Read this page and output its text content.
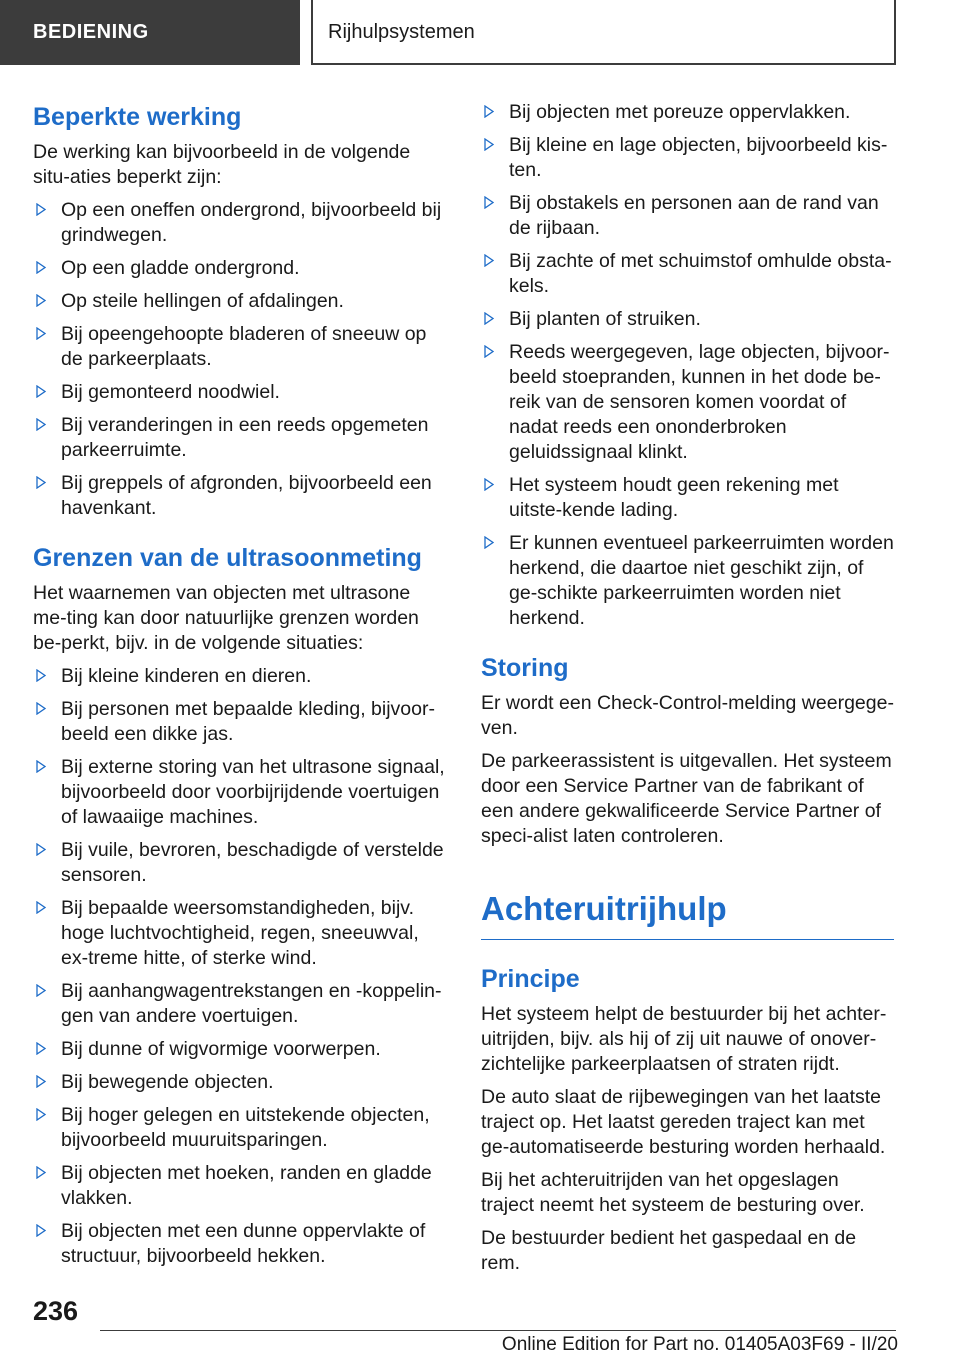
BEDIENING	Rijhulpsystemen
Beperkte werking

De werking kan bijvoorbeeld in de volgende situ-aties beperkt zijn:

Op een oneffen ondergrond, bijvoorbeeld bij grindwegen.
Op een gladde ondergrond.
Op steile hellingen of afdalingen.
Bij opeengehoopte bladeren of sneeuw op de parkeerplaats.
Bij gemonteerd noodwiel.
Bij veranderingen in een reeds opgemeten parkeerruimte.
Bij greppels of afgronden, bijvoorbeeld een havenkant.
Grenzen van de ultrasoonmeting

Het waarnemen van objecten met ultrasone me-ting kan door natuurlijke grenzen worden be-perkt, bijv. in de volgende situaties:

Bij kleine kinderen en dieren.
Bij personen met bepaalde kleding, bijvoor-beeld een dikke jas.
Bij externe storing van het ultrasone signaal, bijvoorbeeld door voorbijrijdende voertuigen of lawaaiige machines.
Bij vuile, bevroren, beschadigde of verstelde sensoren.
Bij bepaalde weersomstandigheden, bijv. hoge luchtvochtigheid, regen, sneeuwval, ex-treme hitte, of sterke wind.
Bij aanhangwagentrekstangen en -koppelin-gen van andere voertuigen.
Bij dunne of wigvormige voorwerpen.
Bij bewegende objecten.
Bij hoger gelegen en uitstekende objecten, bijvoorbeeld muuruitsparingen.
Bij objecten met hoeken, randen en gladde vlakken.
Bij objecten met een dunne oppervlakte of structuur, bijvoorbeeld hekken.
Bij objecten met poreuze oppervlakken.
Bij kleine en lage objecten, bijvoorbeeld kis-ten.
Bij obstakels en personen aan de rand van de rijbaan.
Bij zachte of met schuimstof omhulde obsta-kels.
Bij planten of struiken.
Reeds weergegeven, lage objecten, bijvoor-beeld stoepranden, kunnen in het dode be-reik van de sensoren komen voordat of nadat reeds een ononderbroken geluidssignaal klinkt.
Het systeem houdt geen rekening met uitste-kende lading.
Er kunnen eventueel parkeerruimten worden herkend, die daartoe niet geschikt zijn, of ge-schikte parkeerruimten worden niet herkend.
Storing

Er wordt een Check-Control-melding weergege-ven.

De parkeerassistent is uitgevallen. Het systeem door een Service Partner van de fabrikant of een andere gekwalificeerde Service Partner of speci-alist laten controleren.

Achteruitrijhulp
Principe

Het systeem helpt de bestuurder bij het achter-uitrijden, bijv. als hij of zij uit nauwe of onover-zichtelijke parkeerplaatsen of straten rijdt.

De auto slaat de rijbewegingen van het laatste traject op. Het laatst gereden traject kan met ge-automatiseerde besturing worden herhaald.

Bij het achteruitrijden van het opgeslagen traject neemt het systeem de besturing over.

De bestuurder bedient het gaspedaal en de rem.

236
Online Edition for Part no. 01405A03F69 - II/20
